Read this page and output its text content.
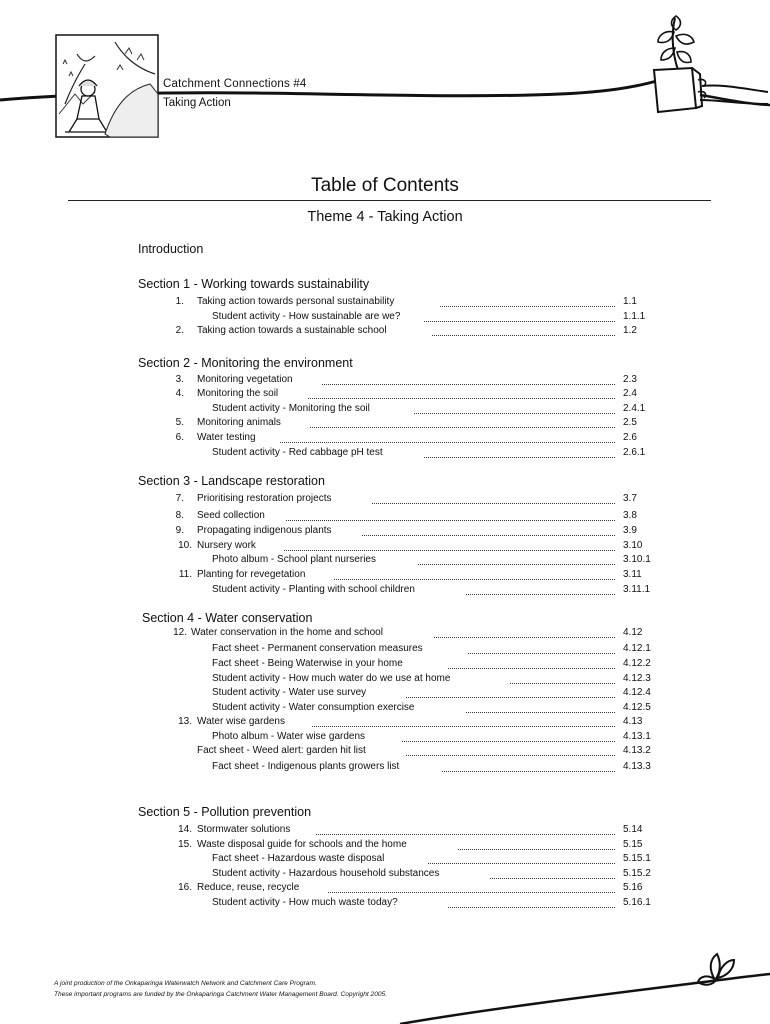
Catchment Connections #4
Taking Action
Table of Contents
Theme 4 - Taking Action
Introduction
Section 1 - Working towards sustainability
1. Taking action towards personal sustainability	1.1
Student activity - How sustainable are we?	1.1.1
2. Taking action towards a sustainable school	1.2
Section 2 - Monitoring the environment
3. Monitoring vegetation	2.3
4. Monitoring the soil	2.4
Student activity - Monitoring the soil	2.4.1
5. Monitoring animals	2.5
6. Water testing	2.6
Student activity - Red cabbage pH test	2.6.1
Section 3 - Landscape restoration
7. Prioritising restoration projects	3.7
8. Seed collection	3.8
9. Propagating indigenous plants	3.9
10. Nursery work	3.10
Photo album - School plant nurseries	3.10.1
11. Planting for revegetation	3.11
Student activity - Planting with school children	3.11.1
Section 4 - Water conservation
12. Water conservation in the home and school	4.12
Fact sheet - Permanent conservation measures	4.12.1
Fact sheet - Being Waterwise in your home	4.12.2
Student activity - How much water do we use at home	4.12.3
Student activity - Water use survey	4.12.4
Student activity - Water consumption exercise	4.12.5
13. Water wise gardens	4.13
Photo album - Water wise gardens	4.13.1
Fact sheet - Weed alert: garden hit list	4.13.2
Fact sheet - Indigenous plants growers list	4.13.3
Section 5 - Pollution prevention
14. Stormwater solutions	5.14
15. Waste disposal guide for schools and the home	5.15
Fact sheet - Hazardous waste disposal	5.15.1
Student activity - Hazardous household substances	5.15.2
16. Reduce, reuse, recycle	5.16
Student activity - How much waste today?	5.16.1
A joint production of the Onkaparinga Waterwatch Network and Catchment Care Program.
These important programs are funded by the Onkaparinga Catchment Water Management Board. Copyright 2005.
